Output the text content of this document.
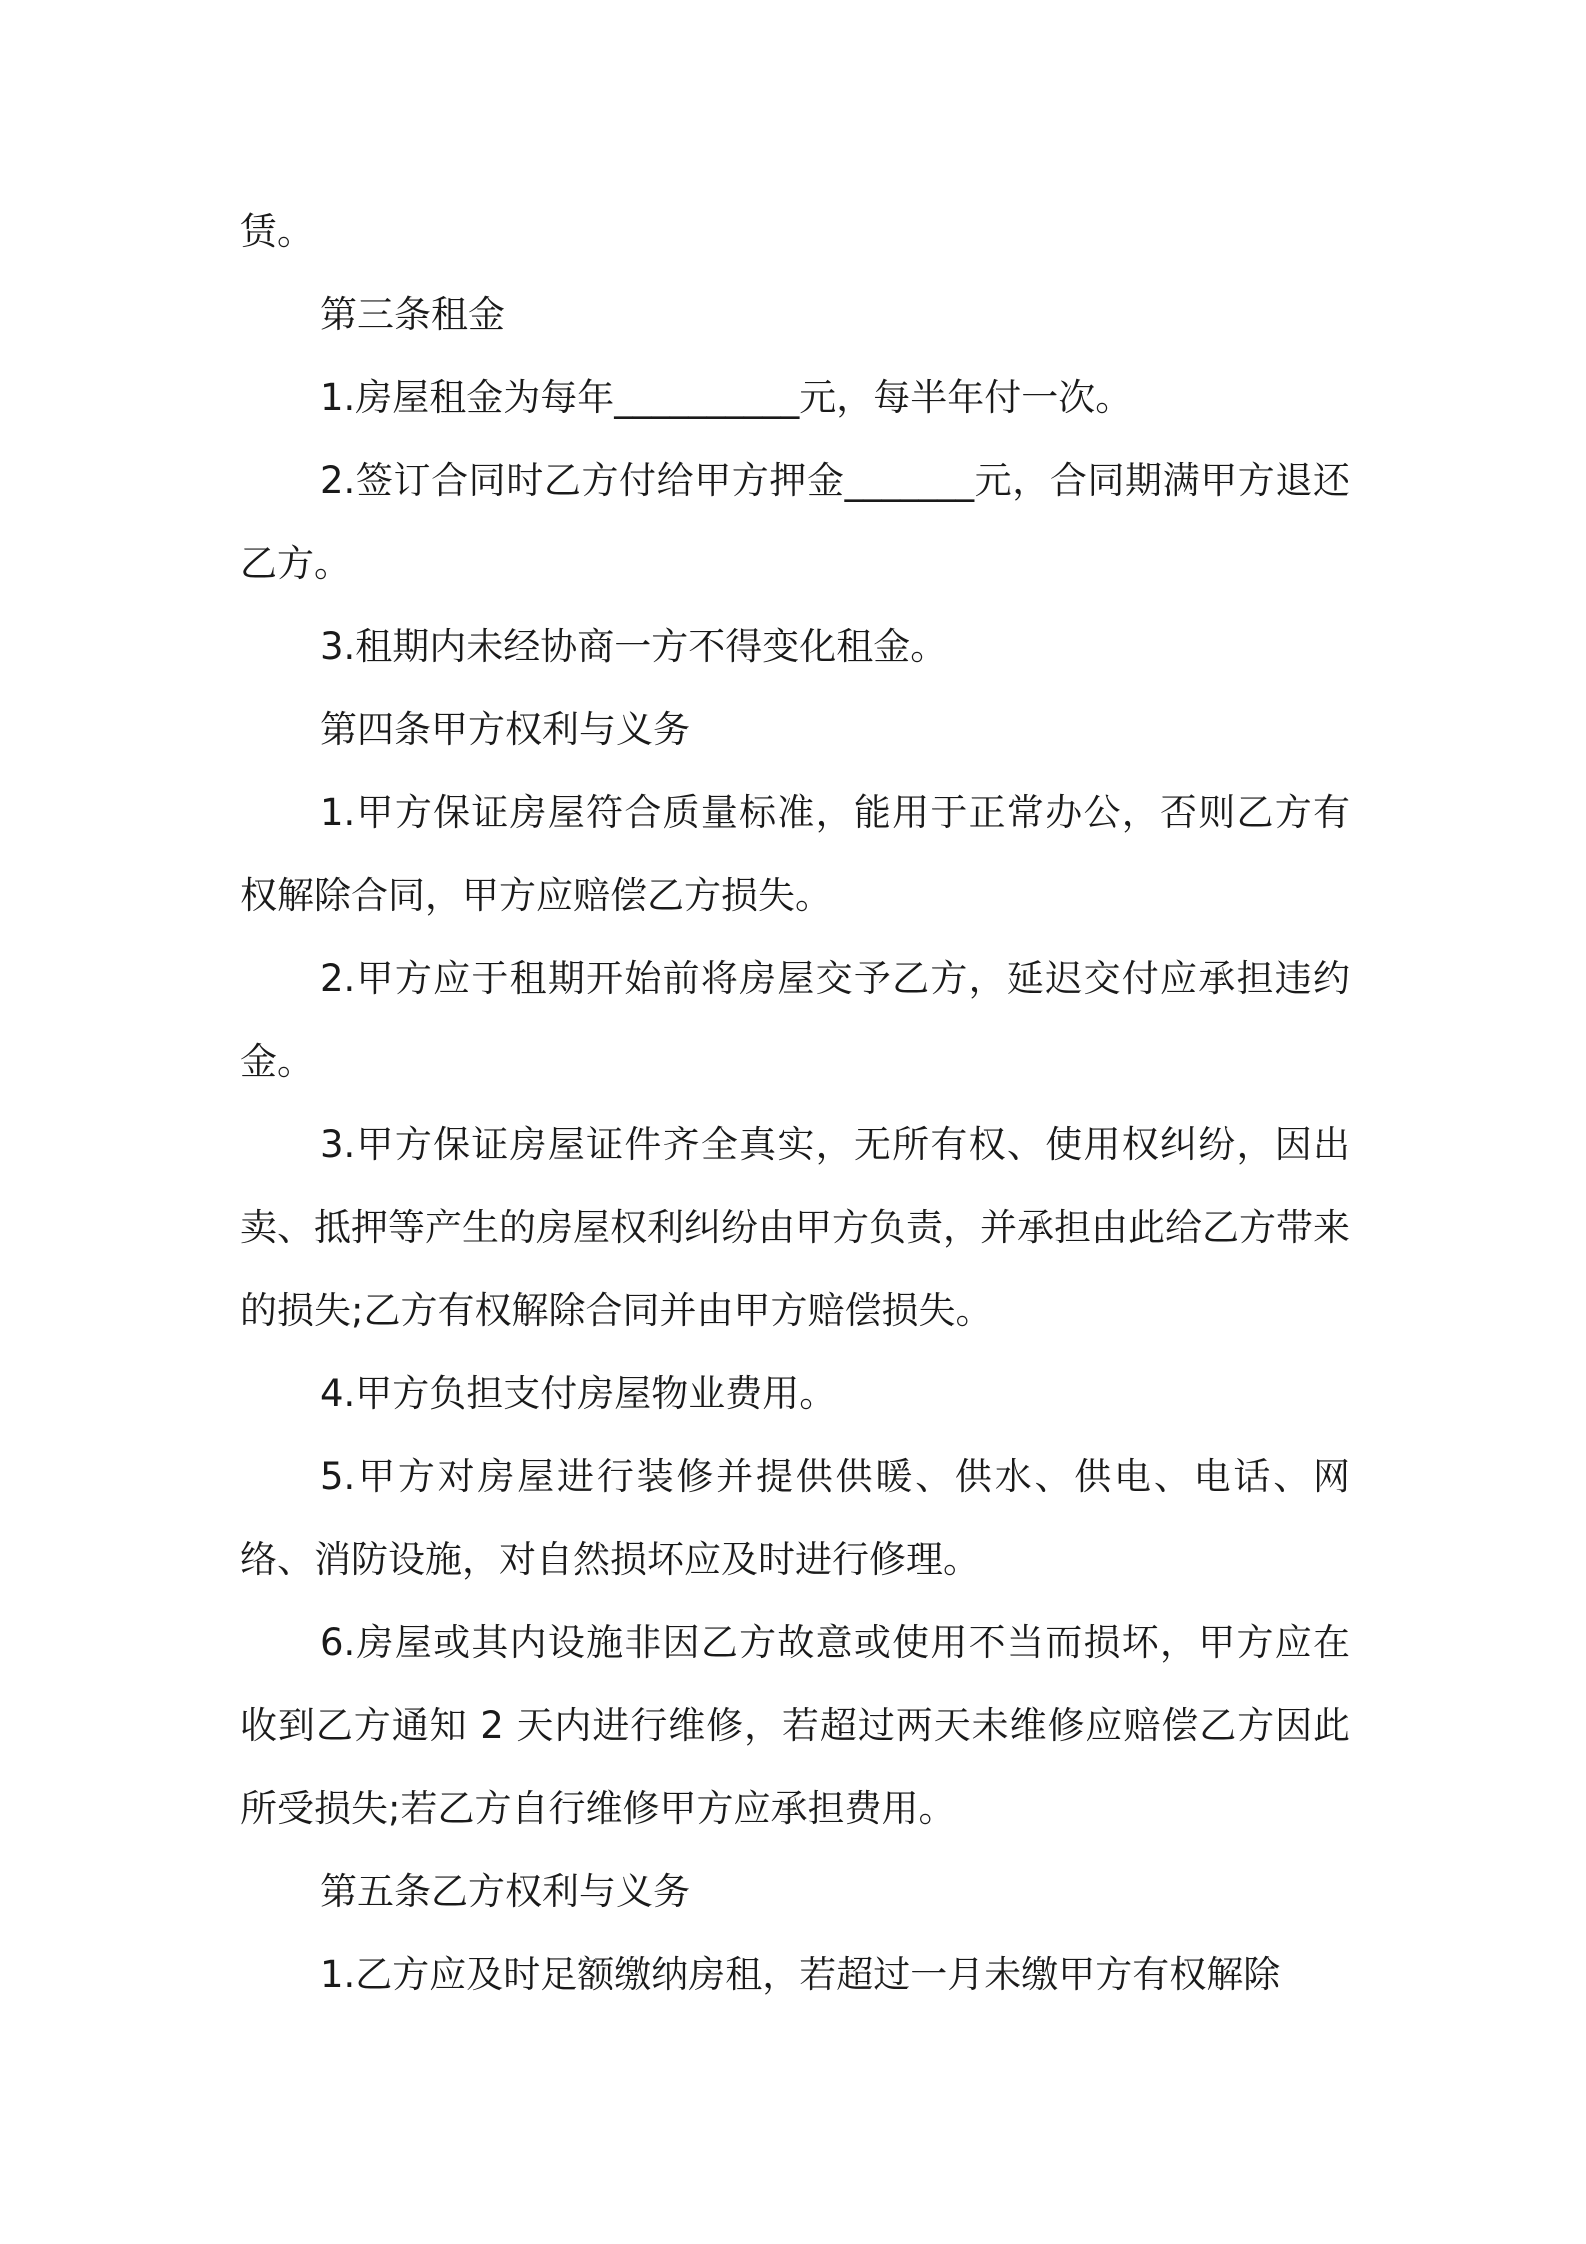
赁。

第三条租金

1.房屋租金为每年__________元，每半年付一次。

2.签订合同时乙方付给甲方押金_______元，合同期满甲方退还乙方。

3.租期内未经协商一方不得变化租金。

第四条甲方权利与义务

1.甲方保证房屋符合质量标准，能用于正常办公，否则乙方有权解除合同，甲方应赔偿乙方损失。

2.甲方应于租期开始前将房屋交予乙方，延迟交付应承担违约金。

3.甲方保证房屋证件齐全真实，无所有权、使用权纠纷，因出卖、抵押等产生的房屋权利纠纷由甲方负责，并承担由此给乙方带来的损失;乙方有权解除合同并由甲方赔偿损失。

4.甲方负担支付房屋物业费用。

5.甲方对房屋进行装修并提供供暖、供水、供电、电话、网络、消防设施，对自然损坏应及时进行修理。

6.房屋或其内设施非因乙方故意或使用不当而损坏，甲方应在收到乙方通知 2 天内进行维修，若超过两天未维修应赔偿乙方因此所受损失;若乙方自行维修甲方应承担费用。

第五条乙方权利与义务

1.乙方应及时足额缴纳房租，若超过一月未缴甲方有权解除
